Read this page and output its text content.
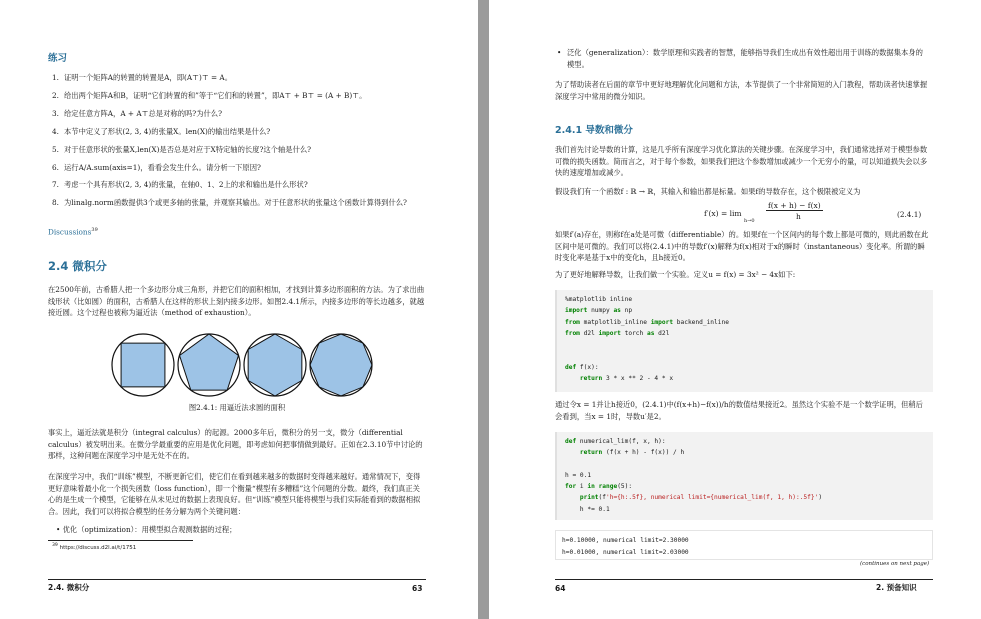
练习
1. 证明一个矩阵A的转置的转置是A，即(A⊤)⊤ = A。
2. 给出两个矩阵A和B，证明“它们转置的和”等于“它们和的转置”，即A⊤ + B⊤ = (A + B)⊤。
3. 给定任意方阵A，A + A⊤总是对称的吗?为什么?
4. 本节中定义了形状(2, 3, 4)的张量X。len(X)的输出结果是什么?
5. 对于任意形状的张量X,len(X)是否总是对应于X特定轴的长度?这个轴是什么?
6. 运行A/A.sum(axis=1)，看看会发生什么。请分析一下原因?
7. 考虑一个具有形状(2, 3, 4)的张量，在轴0、1、2上的求和输出是什么形状?
8. 为linalg.norm函数提供3个或更多轴的张量，并观察其输出。对于任意形状的张量这个函数计算得到什么?
Discussions$^{39}$
2.4 微积分

在2500年前，古希腊人把一个多边形分成三角形，并把它们的面积相加，才找到计算多边形面积的方法。为了求出曲线形状（比如圆）的面积，古希腊人在这样的形状上刻内接多边形。如图2.4.1所示，内接多边形的等长边越多，就越接近圆。这个过程也被称为逼近法（method of exhaustion）。

图2.4.1: 用逼近法求圆的面积

事实上，逼近法就是积分（integral calculus）的起源。2000多年后，微积分的另一支，微分（differential calculus）被发明出来。在微分学最重要的应用是优化问题，即考虑如何把事情做到最好。正如在2.3.10节中讨论的那样，这种问题在深度学习中是无处不在的。

在深度学习中，我们“训练”模型，不断更新它们，使它们在看到越来越多的数据时变得越来越好。通常情况下，变得更好意味着最小化一个损失函数（loss function），即一个衡量“模型有多糟糕”这个问题的分数。最终，我们真正关心的是生成一个模型，它能够在从未见过的数据上表现良好。但“训练”模型只能将模型与我们实际能看到的数据相拟合。因此，我们可以将拟合模型的任务分解为两个关键问题：

• 优化（optimization）：用模型拟合观测数据的过程；
$^{39}$ https://discuss.d2l.ai/t/1751
2.4. 微积分	63
• 泛化（generalization）：数学原理和实践者的智慧，能够指导我们生成出有效性超出用于训练的数据集本身的模型。

为了帮助读者在后面的章节中更好地理解优化问题和方法，本节提供了一个非常简短的入门教程，帮助读者快速掌握深度学习中常用的微分知识。

2.4.1 导数和微分

我们首先讨论导数的计算，这是几乎所有深度学习优化算法的关键步骤。在深度学习中，我们通常选择对于模型参数可微的损失函数。简而言之，对于每个参数，如果我们把这个参数增加或减少一个无穷小的量，可以知道损失会以多快的速度增加或减少。

假设我们有一个函数f : ℝ → ℝ，其输入和输出都是标量。如果f的导数存在，这个极限被定义为

f′(x) = lim
h→0
f(x + h) − f(x)
h	(2.4.1)

如果f′(a)存在，则称f在a处是可微（differentiable）的。如果f在一个区间内的每个数上都是可微的，则此函数在此区间中是可微的。我们可以将(2.4.1)中的导数f′(x)解释为f(x)相对于x的瞬时（instantaneous）变化率。所谓的瞬时变化率是基于x中的变化h，且h接近0。

为了更好地解释导数，让我们做一个实验。定义u = f(x) = 3x² − 4x如下:

%matplotlib inline
import numpy as np
from matplotlib_inline import backend_inline
from d2l import torch as d2l

def f(x):
return 3 * x ** 2 - 4 * x

通过令x = 1并让h接近0，(2.4.1)中(f(x+h)−f(x))/h的数值结果接近2。虽然这个实验不是一个数学证明，但稍后会看到，当x = 1时，导数u′是2。

def numerical_lim(f, x, h):
return (f(x + h) - f(x)) / h

h = 0.1
for i in range(5):
print(f'h={h:.5f}, numerical limit={numerical_lim(f, 1, h):.5f}')
h *= 0.1
h=0.10000, numerical limit=2.30000
h=0.01000, numerical limit=2.03000
(continues on next page)
64	2. 预备知识
